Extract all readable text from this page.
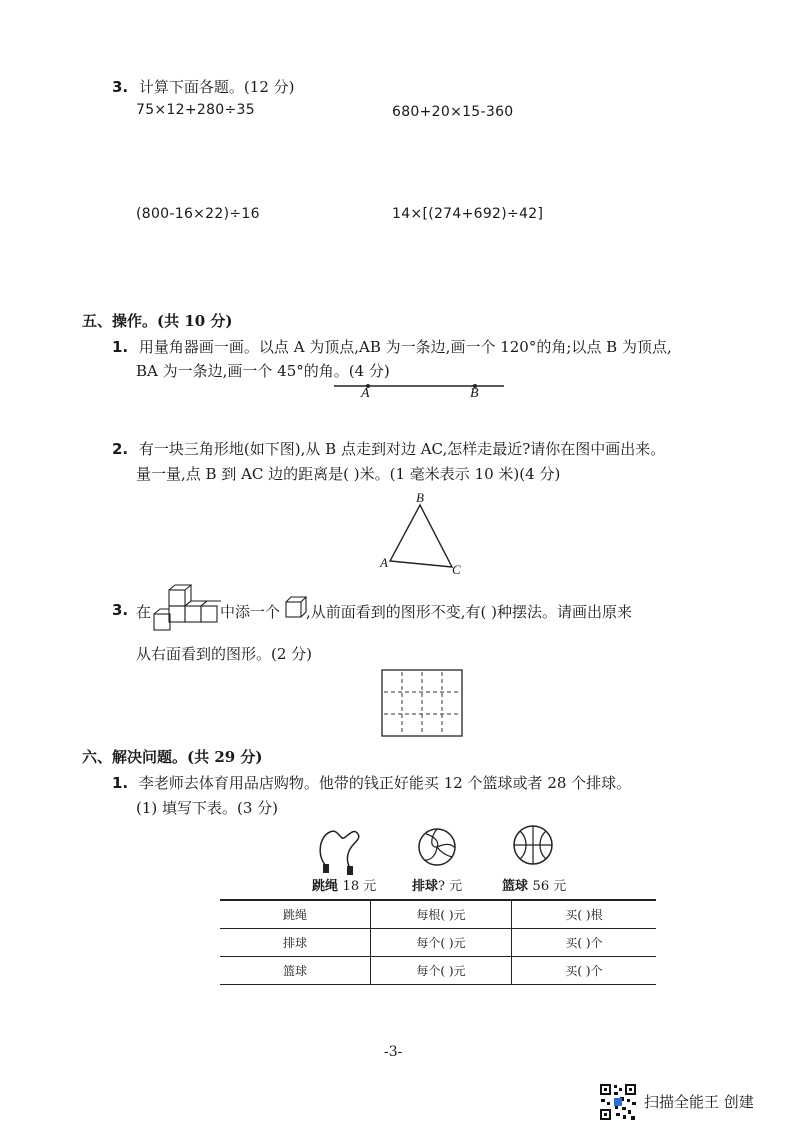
3. 计算下面各题。(12 分)
75×12+280÷35	680+20×15-360
(800-16×22)÷16	14×[(274+692)÷42]
五、操作。(共 10 分)
1. 用量角器画一画。以点 A 为顶点,AB 为一条边,画一个 120°的角;以点 B 为顶点,
BA 为一条边,画一个 45°的角。(4 分)
A	B
2. 有一块三角形地(如下图),从 B 点走到对边 AC,怎样走最近?请你在图中画出来。
量一量,点 B 到 AC 边的距离是( )米。(1 毫米表示 10 米)(4 分)
B
A	C
3. 在	中添一个 ,从前面看到的图形不变,有( )种摆法。请画出原来
从右面看到的图形。(2 分)
六、解决问题。(共 29 分)
1. 李老师去体育用品店购物。他带的钱正好能买 12 个篮球或者 28 个排球。
(1) 填写下表。(3 分)
跳绳 18 元	排球? 元	篮球 56 元
跳绳	每根( )元	买( )根
排球	每个( )元	买( )个
篮球	每个( )元	买( )个
-3-
扫描全能王 创建
